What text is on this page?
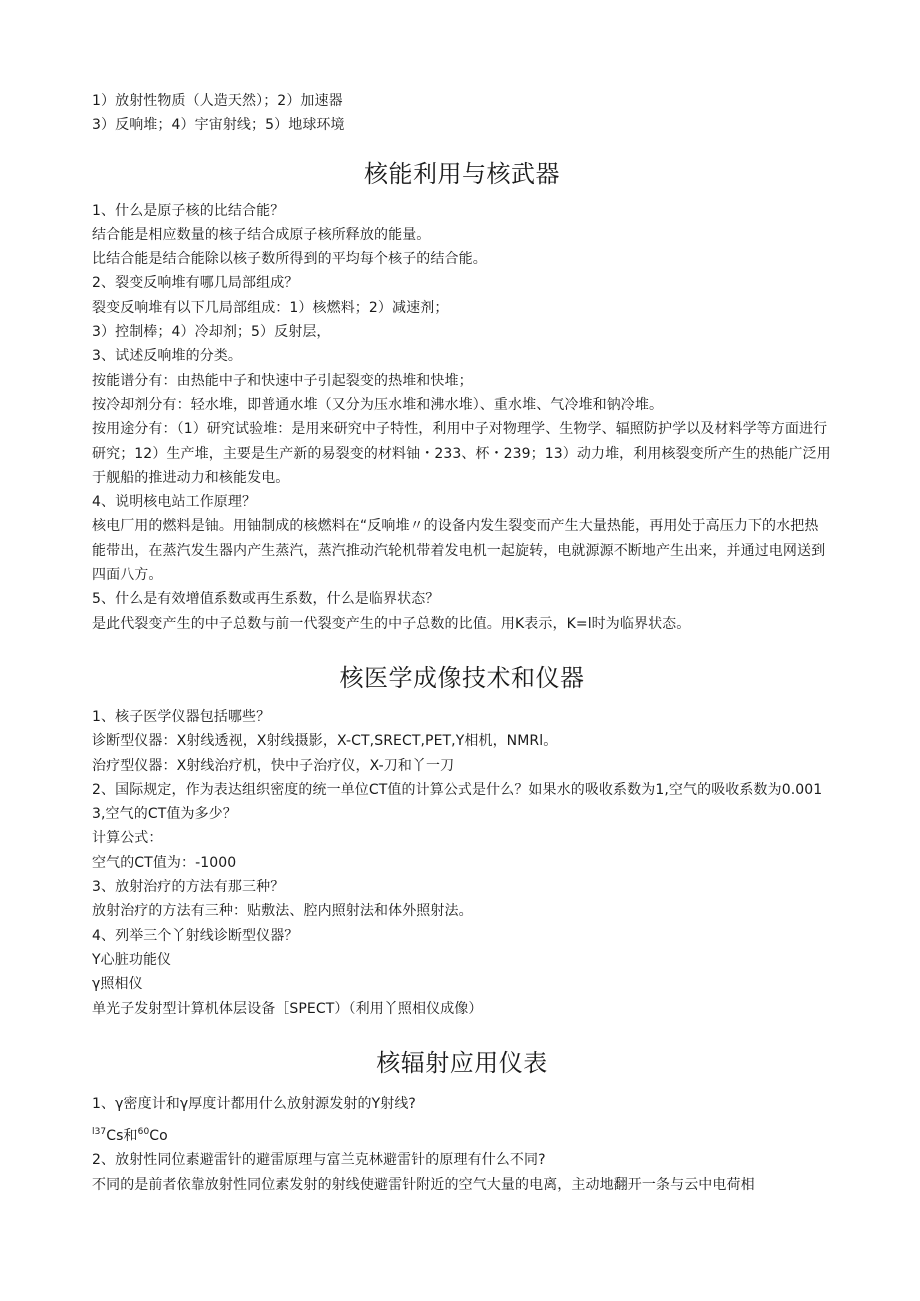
1）放射性物质（人造天然）；2）加速器
3）反响堆；4）宇宙射线；5）地球环境
核能利用与核武器
1、什么是原子核的比结合能？
结合能是相应数量的核子结合成原子核所释放的能量。
比结合能是结合能除以核子数所得到的平均每个核子的结合能。
2、裂变反响堆有哪几局部组成？
裂变反响堆有以下几局部组成：1）核燃料；2）减速剂；
3）控制棒；4）冷却剂；5）反射层，
3、试述反响堆的分类。
按能谱分有：由热能中子和快速中子引起裂变的热堆和快堆；
按冷却剂分有：轻水堆，即普通水堆（又分为压水堆和沸水堆）、重水堆、气冷堆和钠冷堆。
按用途分有：（1）研究试验堆：是用来研究中子特性，利用中子对物理学、生物学、辐照防护学以及材料学等方面进行研究；12）生产堆，主要是生产新的易裂变的材料铀・233、杯・239；13）动力堆，利用核裂变所产生的热能广泛用于舰船的推进动力和核能发电。
4、说明核电站工作原理？
核电厂用的燃料是铀。用铀制成的核燃料在“反响堆〃的设备内发生裂变而产生大量热能，再用处于高压力下的水把热能带出，在蒸汽发生器内产生蒸汽，蒸汽推动汽轮机带着发电机一起旋转，电就源源不断地产生出来，并通过电网送到四面八方。
5、什么是有效增值系数或再生系数，什么是临界状态？
是此代裂变产生的中子总数与前一代裂变产生的中子总数的比值。用K表示，K=l时为临界状态。
核医学成像技术和仪器
1、核子医学仪器包括哪些？
诊断型仪器：X射线透视，X射线摄影，X-CT,SRECT,PET,Y相机，NMRl。
治疗型仪器：X射线治疗机，快中子治疗仪，X-刀和丫一刀
2、国际规定，作为表达组织密度的统一单位CT值的计算公式是什么？如果水的吸收系数为1,空气的吸收系数为0.0013,空气的CT值为多少？
计算公式：
空气的CT值为：-1000
3、放射治疗的方法有那三种？
放射治疗的方法有三种：贴敷法、腔内照射法和体外照射法。
4、列举三个丫射线诊断型仪器？
Y心脏功能仪
γ照相仪
单光子发射型计算机体层设备［SPECT）（利用丫照相仪成像）
核辐射应用仪表
1、γ密度计和γ厚度计都用什么放射源发射的Y射线?
$^{l37}$Cs和$^{60}$Co
2、放射性同位素避雷针的避雷原理与富兰克林避雷针的原理有什么不同?
不同的是前者依靠放射性同位素发射的射线使避雷针附近的空气大量的电离，主动地翻开一条与云中电荷相
